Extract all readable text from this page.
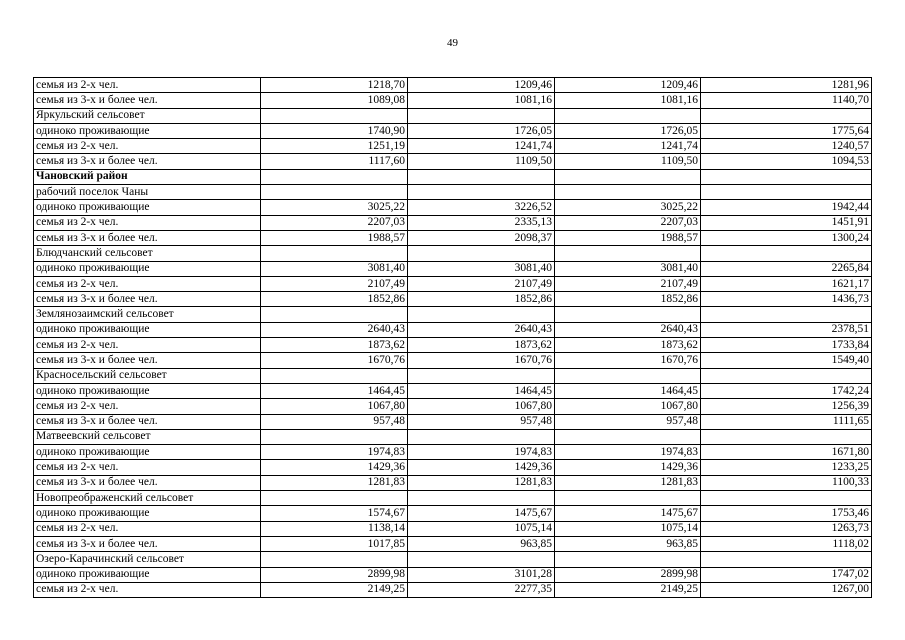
49
семья из 2-х чел.	1218,70	1209,46	1209,46	1281,96
семья из 3-х и более чел.	1089,08	1081,16	1081,16	1140,70
Яркульский сельсовет				
одиноко проживающие	1740,90	1726,05	1726,05	1775,64
семья из 2-х чел.	1251,19	1241,74	1241,74	1240,57
семья из 3-х и более чел.	1117,60	1109,50	1109,50	1094,53
Чановский район				
рабочий поселок Чаны				
одиноко проживающие	3025,22	3226,52	3025,22	1942,44
семья из 2-х чел.	2207,03	2335,13	2207,03	1451,91
семья из 3-х и более чел.	1988,57	2098,37	1988,57	1300,24
Блюдчанский сельсовет				
одиноко проживающие	3081,40	3081,40	3081,40	2265,84
семья из 2-х чел.	2107,49	2107,49	2107,49	1621,17
семья из 3-х и более чел.	1852,86	1852,86	1852,86	1436,73
Землянозаимский сельсовет				
одиноко проживающие	2640,43	2640,43	2640,43	2378,51
семья из 2-х чел.	1873,62	1873,62	1873,62	1733,84
семья из 3-х и более чел.	1670,76	1670,76	1670,76	1549,40
Красносельский сельсовет				
одиноко проживающие	1464,45	1464,45	1464,45	1742,24
семья из 2-х чел.	1067,80	1067,80	1067,80	1256,39
семья из 3-х и более чел.	957,48	957,48	957,48	1111,65
Матвеевский сельсовет				
одиноко проживающие	1974,83	1974,83	1974,83	1671,80
семья из 2-х чел.	1429,36	1429,36	1429,36	1233,25
семья из 3-х и более чел.	1281,83	1281,83	1281,83	1100,33
Новопреображенский сельсовет				
одиноко проживающие	1574,67	1475,67	1475,67	1753,46
семья из 2-х чел.	1138,14	1075,14	1075,14	1263,73
семья из 3-х и более чел.	1017,85	963,85	963,85	1118,02
Озеро-Карачинский сельсовет				
одиноко проживающие	2899,98	3101,28	2899,98	1747,02
семья из 2-х чел.	2149,25	2277,35	2149,25	1267,00
